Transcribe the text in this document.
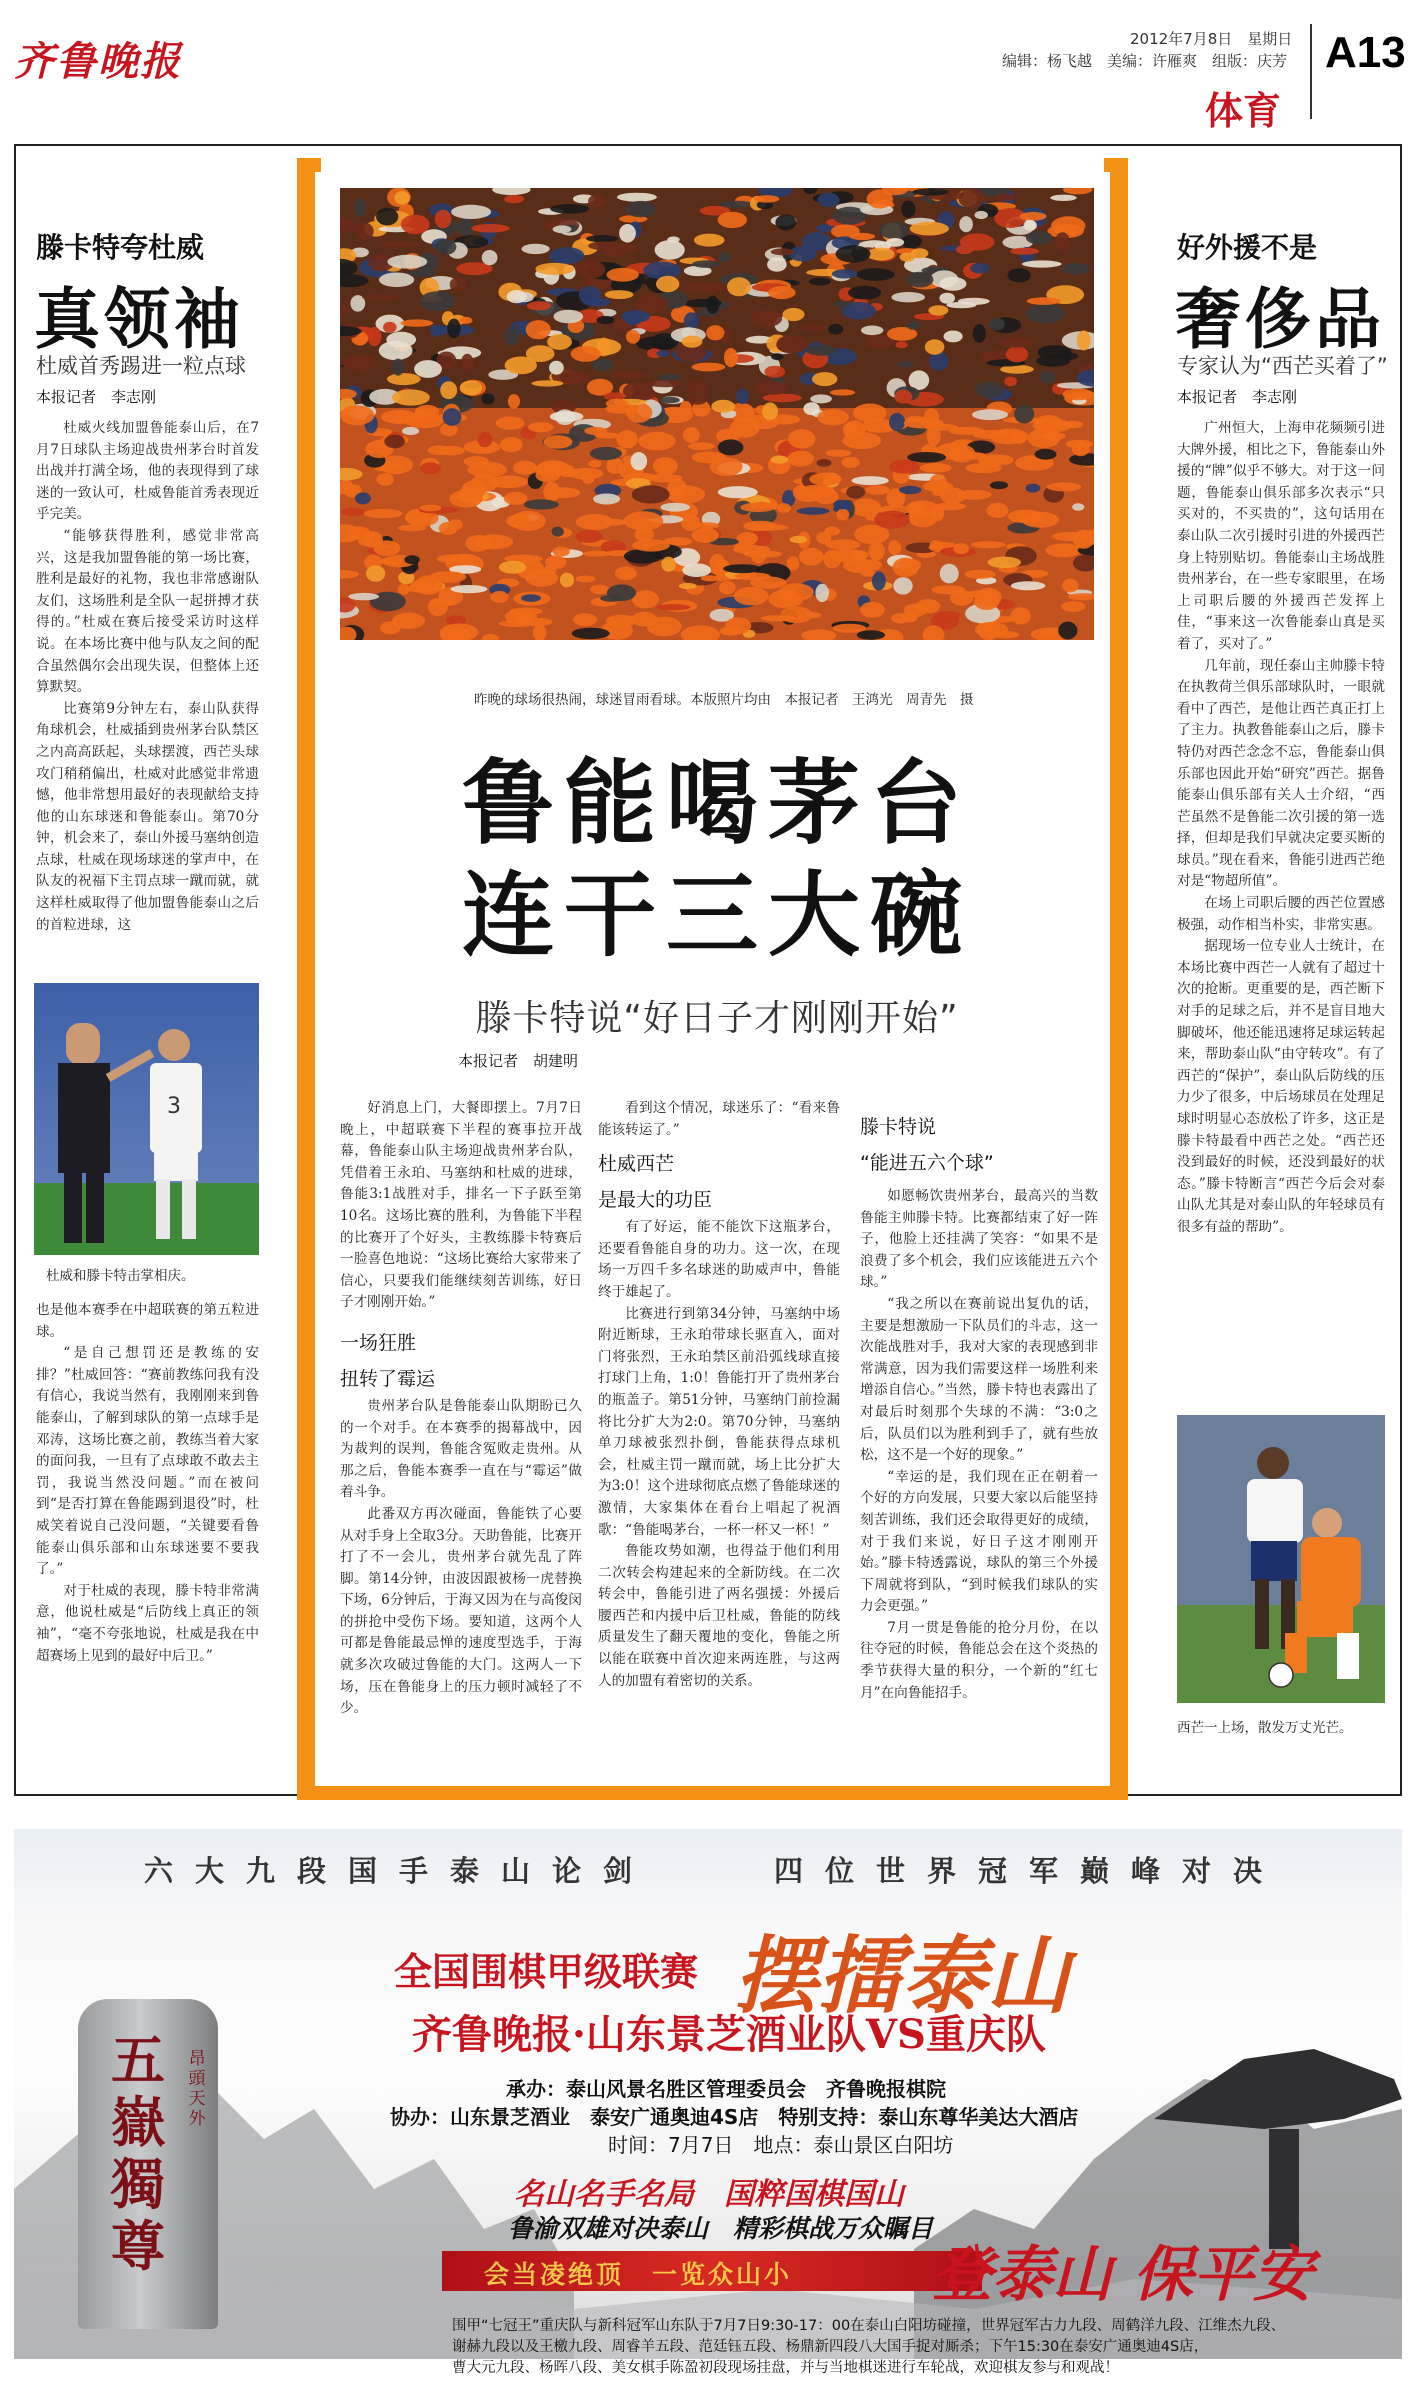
齐鲁晚报	2012年7月8日　星期日
编辑：杨飞越　美编：许雁爽　组版：庆芳 A13
体育
滕卡特夸杜威
真领袖
杜威首秀踢进一粒点球
本报记者　李志刚

杜威火线加盟鲁能泰山后，在7月7日球队主场迎战贵州茅台时首发出战并打满全场，他的表现得到了球迷的一致认可，杜威鲁能首秀表现近乎完美。

“能够获得胜利，感觉非常高兴，这是我加盟鲁能的第一场比赛，胜利是最好的礼物，我也非常感谢队友们，这场胜利是全队一起拼搏才获得的。”杜威在赛后接受采访时这样说。在本场比赛中他与队友之间的配合虽然偶尔会出现失误，但整体上还算默契。

比赛第9分钟左右，泰山队获得角球机会，杜威插到贵州茅台队禁区之内高高跃起，头球摆渡，西芒头球攻门稍稍偏出，杜威对此感觉非常遗憾，他非常想用最好的表现献给支持他的山东球迷和鲁能泰山。第70分钟，机会来了，泰山外援马塞纳创造点球，杜威在现场球迷的掌声中，在队友的祝福下主罚点球一蹴而就，就这样杜威取得了他加盟鲁能泰山之后的首粒进球，这

3
杜威和滕卡特击掌相庆。

也是他本赛季在中超联赛的第五粒进球。

“是自己想罚还是教练的安排？”杜威回答：“赛前教练问我有没有信心，我说当然有，我刚刚来到鲁能泰山，了解到球队的第一点球手是邓涛，这场比赛之前，教练当着大家的面问我，一旦有了点球敢不敢去主罚，我说当然没问题。”而在被问到“是否打算在鲁能踢到退役”时，杜威笑着说自己没问题，“关键要看鲁能泰山俱乐部和山东球迷要不要我了。”

对于杜威的表现，滕卡特非常满意，他说杜威是“后防线上真正的领袖”，“毫不夸张地说，杜威是我在中超赛场上见到的最好中后卫。”

昨晚的球场很热闹，球迷冒雨看球。本版照片均由　本报记者　王鸿光　周青先　摄
鲁能喝茅台
连干三大碗
滕卡特说“好日子才刚刚开始”
本报记者　胡建明

好消息上门，大餐即摆上。7月7日晚上，中超联赛下半程的赛事拉开战幕，鲁能泰山队主场迎战贵州茅台队，凭借着王永珀、马塞纳和杜威的进球，鲁能3:1战胜对手，排名一下子跃至第10名。这场比赛的胜利，为鲁能下半程的比赛开了个好头，主教练滕卡特赛后一脸喜色地说：“这场比赛给大家带来了信心，只要我们能继续刻苦训练，好日子才刚刚开始。”

一场狂胜
扭转了霉运

贵州茅台队是鲁能泰山队期盼已久的一个对手。在本赛季的揭幕战中，因为裁判的误判，鲁能含冤败走贵州。从那之后，鲁能本赛季一直在与“霉运”做着斗争。

此番双方再次碰面，鲁能铁了心要从对手身上全取3分。天助鲁能，比赛开打了不一会儿，贵州茅台就先乱了阵脚。第14分钟，由波因跟被杨一虎替换下场，6分钟后，于海又因为在与高俊闵的拼抢中受伤下场。要知道，这两个人可都是鲁能最忌惮的速度型选手，于海就多次攻破过鲁能的大门。这两人一下场，压在鲁能身上的压力顿时减轻了不少。

看到这个情况，球迷乐了：“看来鲁能该转运了。”

杜威西芒
是最大的功臣

有了好运，能不能饮下这瓶茅台，还要看鲁能自身的功力。这一次，在现场一万四千多名球迷的助威声中，鲁能终于雄起了。

比赛进行到第34分钟，马塞纳中场附近断球，王永珀带球长驱直入，面对门将张烈，王永珀禁区前沿弧线球直接打球门上角，1:0！鲁能打开了贵州茅台的瓶盖子。第51分钟，马塞纳门前捡漏将比分扩大为2:0。第70分钟，马塞纳单刀球被张烈扑倒，鲁能获得点球机会，杜威主罚一蹴而就，场上比分扩大为3:0！这个进球彻底点燃了鲁能球迷的激情，大家集体在看台上唱起了祝酒歌：“鲁能喝茅台，一杯一杯又一杯！”

鲁能攻势如潮，也得益于他们利用二次转会构建起来的全新防线。在二次转会中，鲁能引进了两名强援：外援后腰西芒和内援中后卫杜威，鲁能的防线质量发生了翻天覆地的变化，鲁能之所以能在联赛中首次迎来两连胜，与这两人的加盟有着密切的关系。

滕卡特说
“能进五六个球”

如愿畅饮贵州茅台，最高兴的当数鲁能主帅滕卡特。比赛都结束了好一阵子，他脸上还挂满了笑容：“如果不是浪费了多个机会，我们应该能进五六个球。”

“我之所以在赛前说出复仇的话，主要是想激励一下队员们的斗志，这一次能战胜对手，我对大家的表现感到非常满意，因为我们需要这样一场胜利来增添自信心。”当然，滕卡特也表露出了对最后时刻那个失球的不满：“3:0之后，队员们以为胜利到手了，就有些放松，这不是一个好的现象。”

“幸运的是，我们现在正在朝着一个好的方向发展，只要大家以后能坚持刻苦训练，我们还会取得更好的成绩，对于我们来说，好日子这才刚刚开始。”滕卡特透露说，球队的第三个外援下周就将到队，“到时候我们球队的实力会更强。”

7月一贯是鲁能的抢分月份，在以往夺冠的时候，鲁能总会在这个炎热的季节获得大量的积分，一个新的“红七月”在向鲁能招手。

好外援不是
奢侈品
专家认为“西芒买着了”
本报记者　李志刚

广州恒大，上海申花频频引进大牌外援，相比之下，鲁能泰山外援的“牌”似乎不够大。对于这一问题，鲁能泰山俱乐部多次表示“只买对的，不买贵的”，这句话用在泰山队二次引援时引进的外援西芒身上特别贴切。鲁能泰山主场战胜贵州茅台，在一些专家眼里，在场上司职后腰的外援西芒发挥上佳，“事来这一次鲁能泰山真是买着了，买对了。”

几年前，现任泰山主帅滕卡特在执教荷兰俱乐部球队时，一眼就看中了西芒，是他让西芒真正打上了主力。执教鲁能泰山之后，滕卡特仍对西芒念念不忘，鲁能泰山俱乐部也因此开始“研究”西芒。据鲁能泰山俱乐部有关人士介绍，“西芒虽然不是鲁能二次引援的第一选择，但却是我们早就决定要买断的球员。”现在看来，鲁能引进西芒绝对是“物超所值”。

在场上司职后腰的西芒位置感极强，动作相当朴实，非常实惠。

据现场一位专业人士统计，在本场比赛中西芒一人就有了超过十次的抢断。更重要的是，西芒断下对手的足球之后，并不是盲目地大脚破坏，他还能迅速将足球运转起来，帮助泰山队“由守转攻”。有了西芒的“保护”，泰山队后防线的压力少了很多，中后场球员在处理足球时明显心态放松了许多，这正是滕卡特最看中西芒之处。“西芒还没到最好的时候，还没到最好的状态。”滕卡特断言“西芒今后会对泰山队尤其是对泰山队的年轻球员有很多有益的帮助”。

西芒一上场，散发万丈光芒。
五嶽獨尊
昂頭天外
六大九段国手泰山论剑	四位世界冠军巅峰对决
全国围棋甲级联赛 摆擂泰山
齐鲁晚报·山东景芝酒业队VS重庆队
承办：泰山风景名胜区管理委员会　齐鲁晚报棋院
协办：山东景芝酒业　泰安广通奥迪4S店　特别支持：泰山东尊华美达大酒店
时间：7月7日　地点：泰山景区白阳坊
名山名手名局　国粹国棋国山
鲁渝双雄对决泰山　精彩棋战万众瞩目
会当凌绝顶　一览众山小 登泰山 保平安
围甲“七冠王”重庆队与新科冠军山东队于7月7日9:30-17：00在泰山白阳坊碰撞，世界冠军古力九段、周鹤洋九段、江维杰九段、
谢赫九段以及王檄九段、周睿羊五段、范廷钰五段、杨鼎新四段八大国手捉对厮杀；下午15:30在泰安广通奥迪4S店，
曹大元九段、杨晖八段、美女棋手陈盈初段现场挂盘，并与当地棋迷进行车轮战，欢迎棋友参与和观战！
